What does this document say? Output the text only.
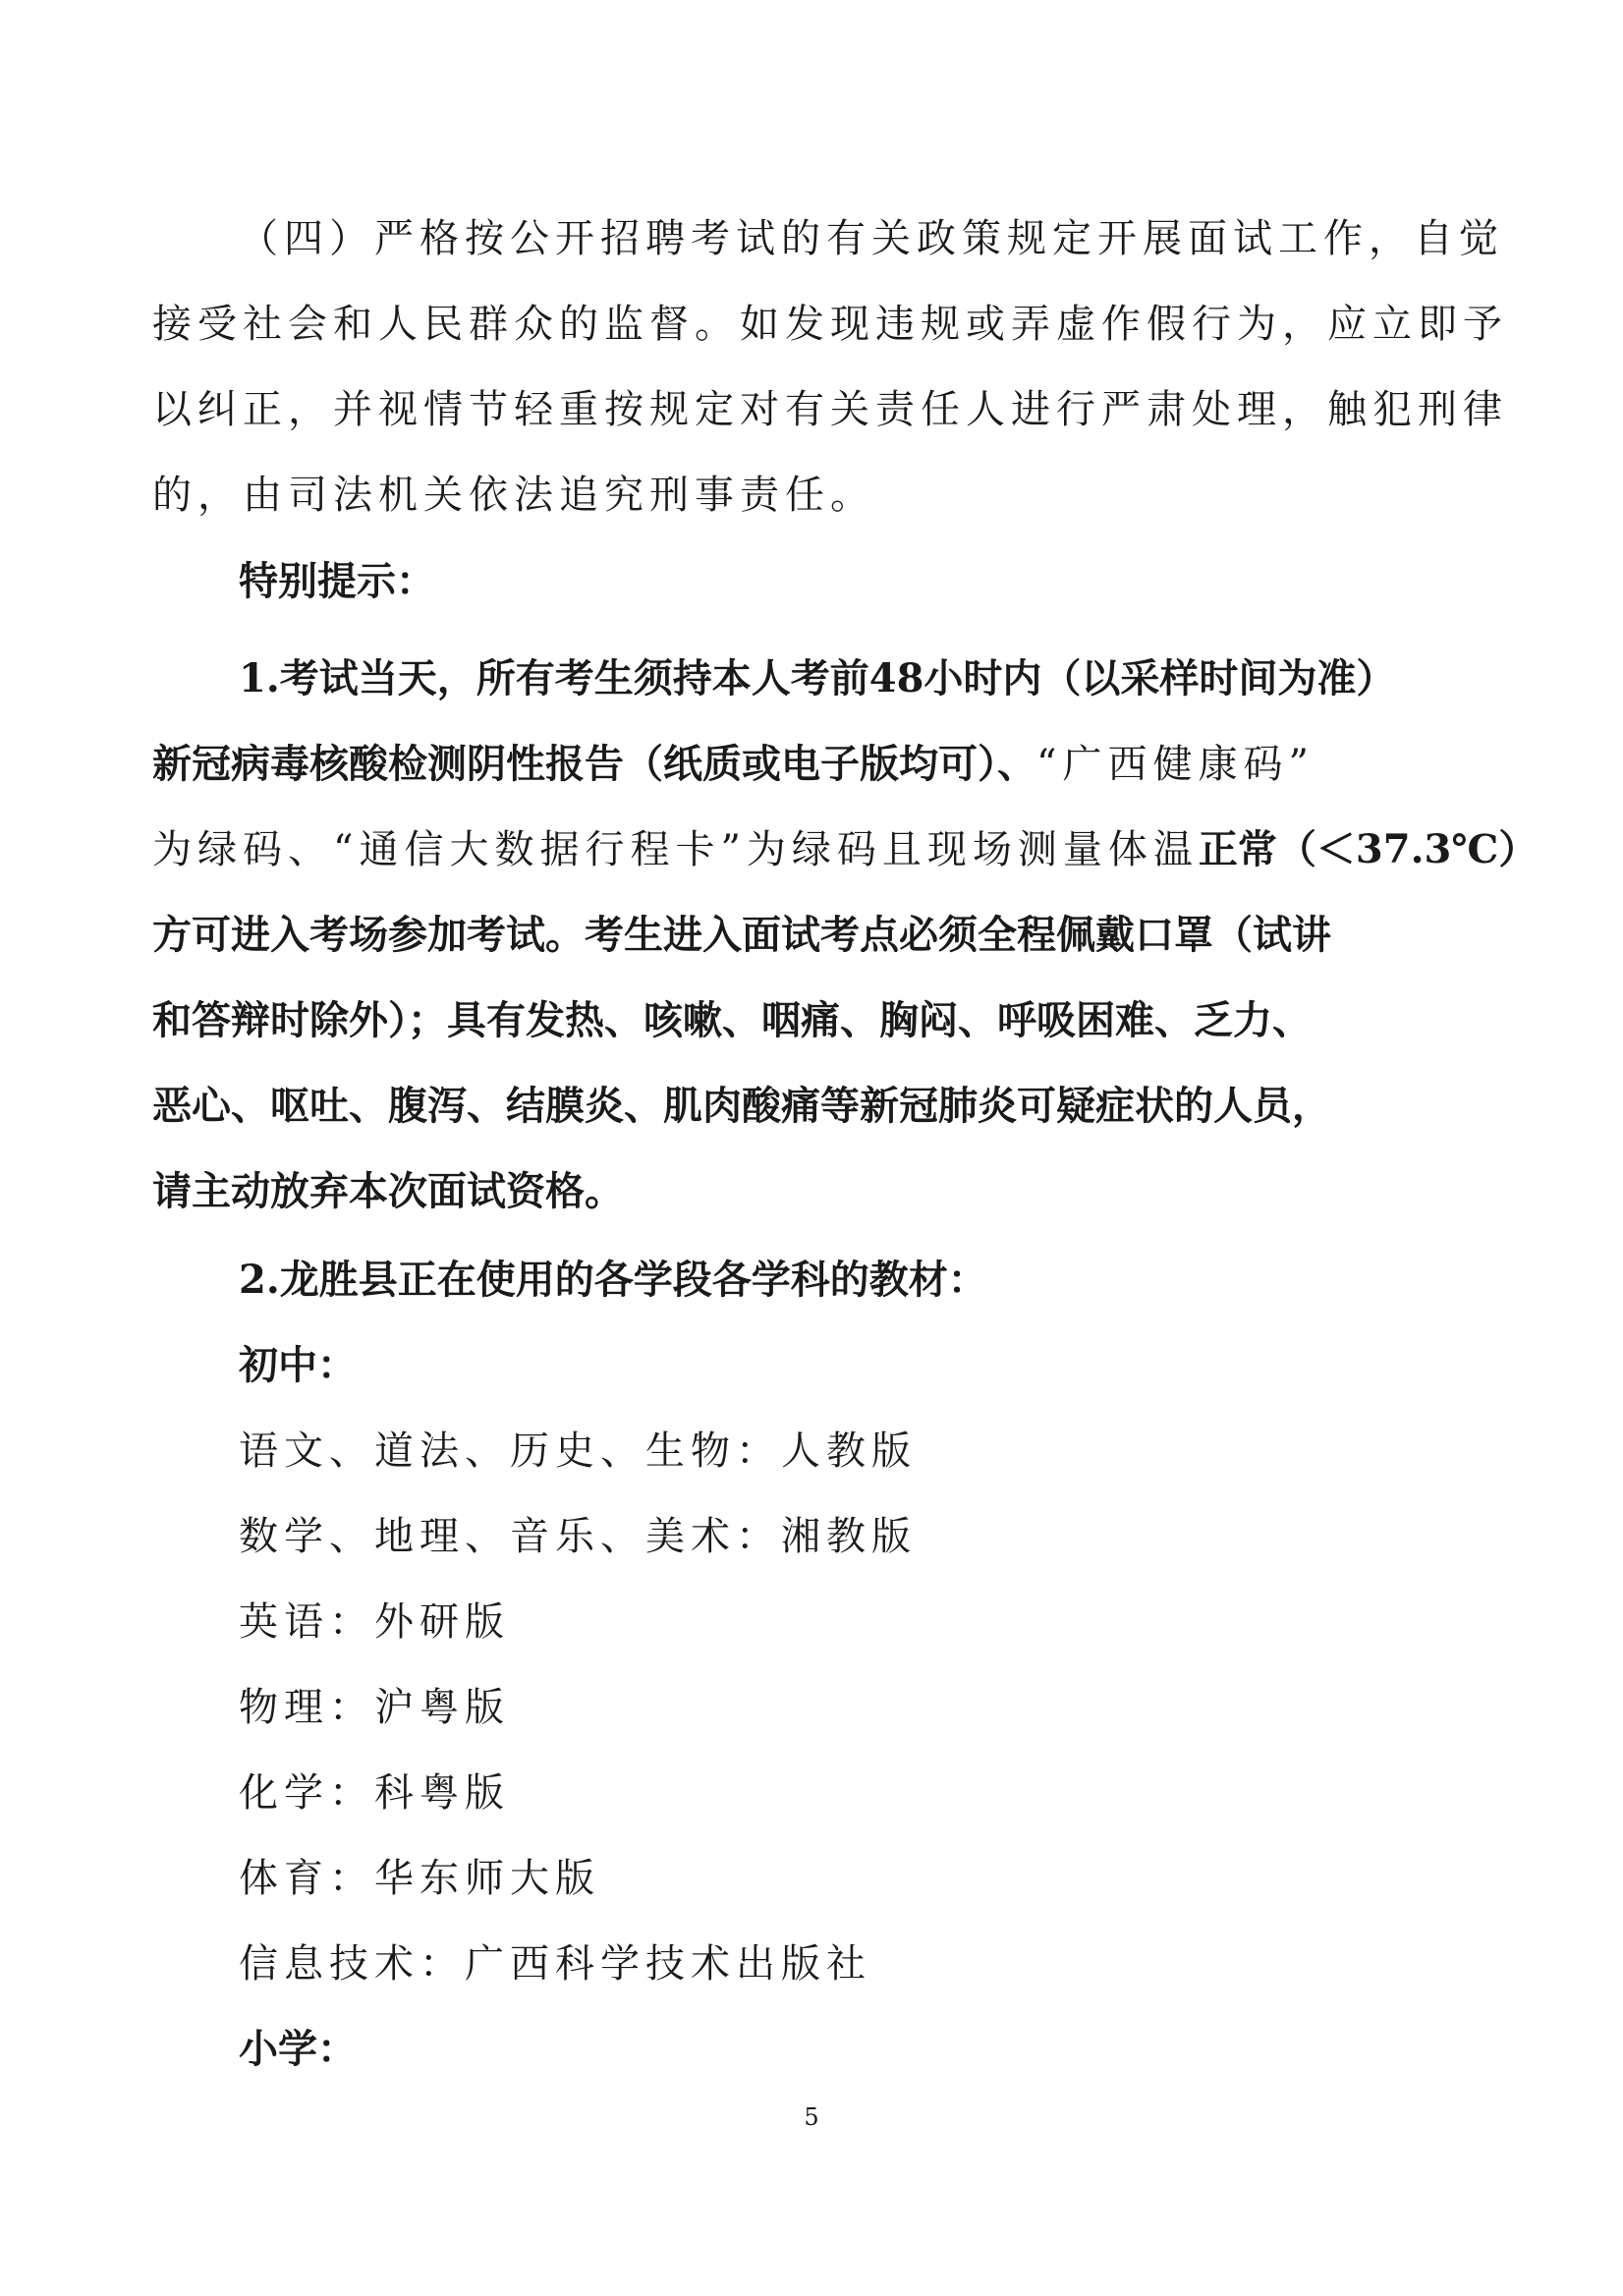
（四）严格按公开招聘考试的有关政策规定开展面试工作，自觉
接受社会和人民群众的监督。如发现违规或弄虚作假行为，应立即予
以纠正，并视情节轻重按规定对有关责任人进行严肃处理，触犯刑律
的，由司法机关依法追究刑事责任。
特别提示：
1.考试当天，所有考生须持本人考前48小时内（以采样时间为准）
新冠病毒核酸检测阴性报告（纸质或电子版均可）、“广西健康码”
为绿码、“通信大数据行程卡”为绿码且现场测量体温正常（＜37.3℃）
方可进入考场参加考试。考生进入面试考点必须全程佩戴口罩（试讲
和答辩时除外）；具有发热、咳嗽、咽痛、胸闷、呼吸困难、乏力、
恶心、呕吐、腹泻、结膜炎、肌肉酸痛等新冠肺炎可疑症状的人员，
请主动放弃本次面试资格。
2.龙胜县正在使用的各学段各学科的教材：
初中：
语文、道法、历史、生物：人教版
数学、地理、音乐、美术：湘教版
英语：外研版
物理：沪粤版
化学：科粤版
体育：华东师大版
信息技术：广西科学技术出版社
小学：
5
